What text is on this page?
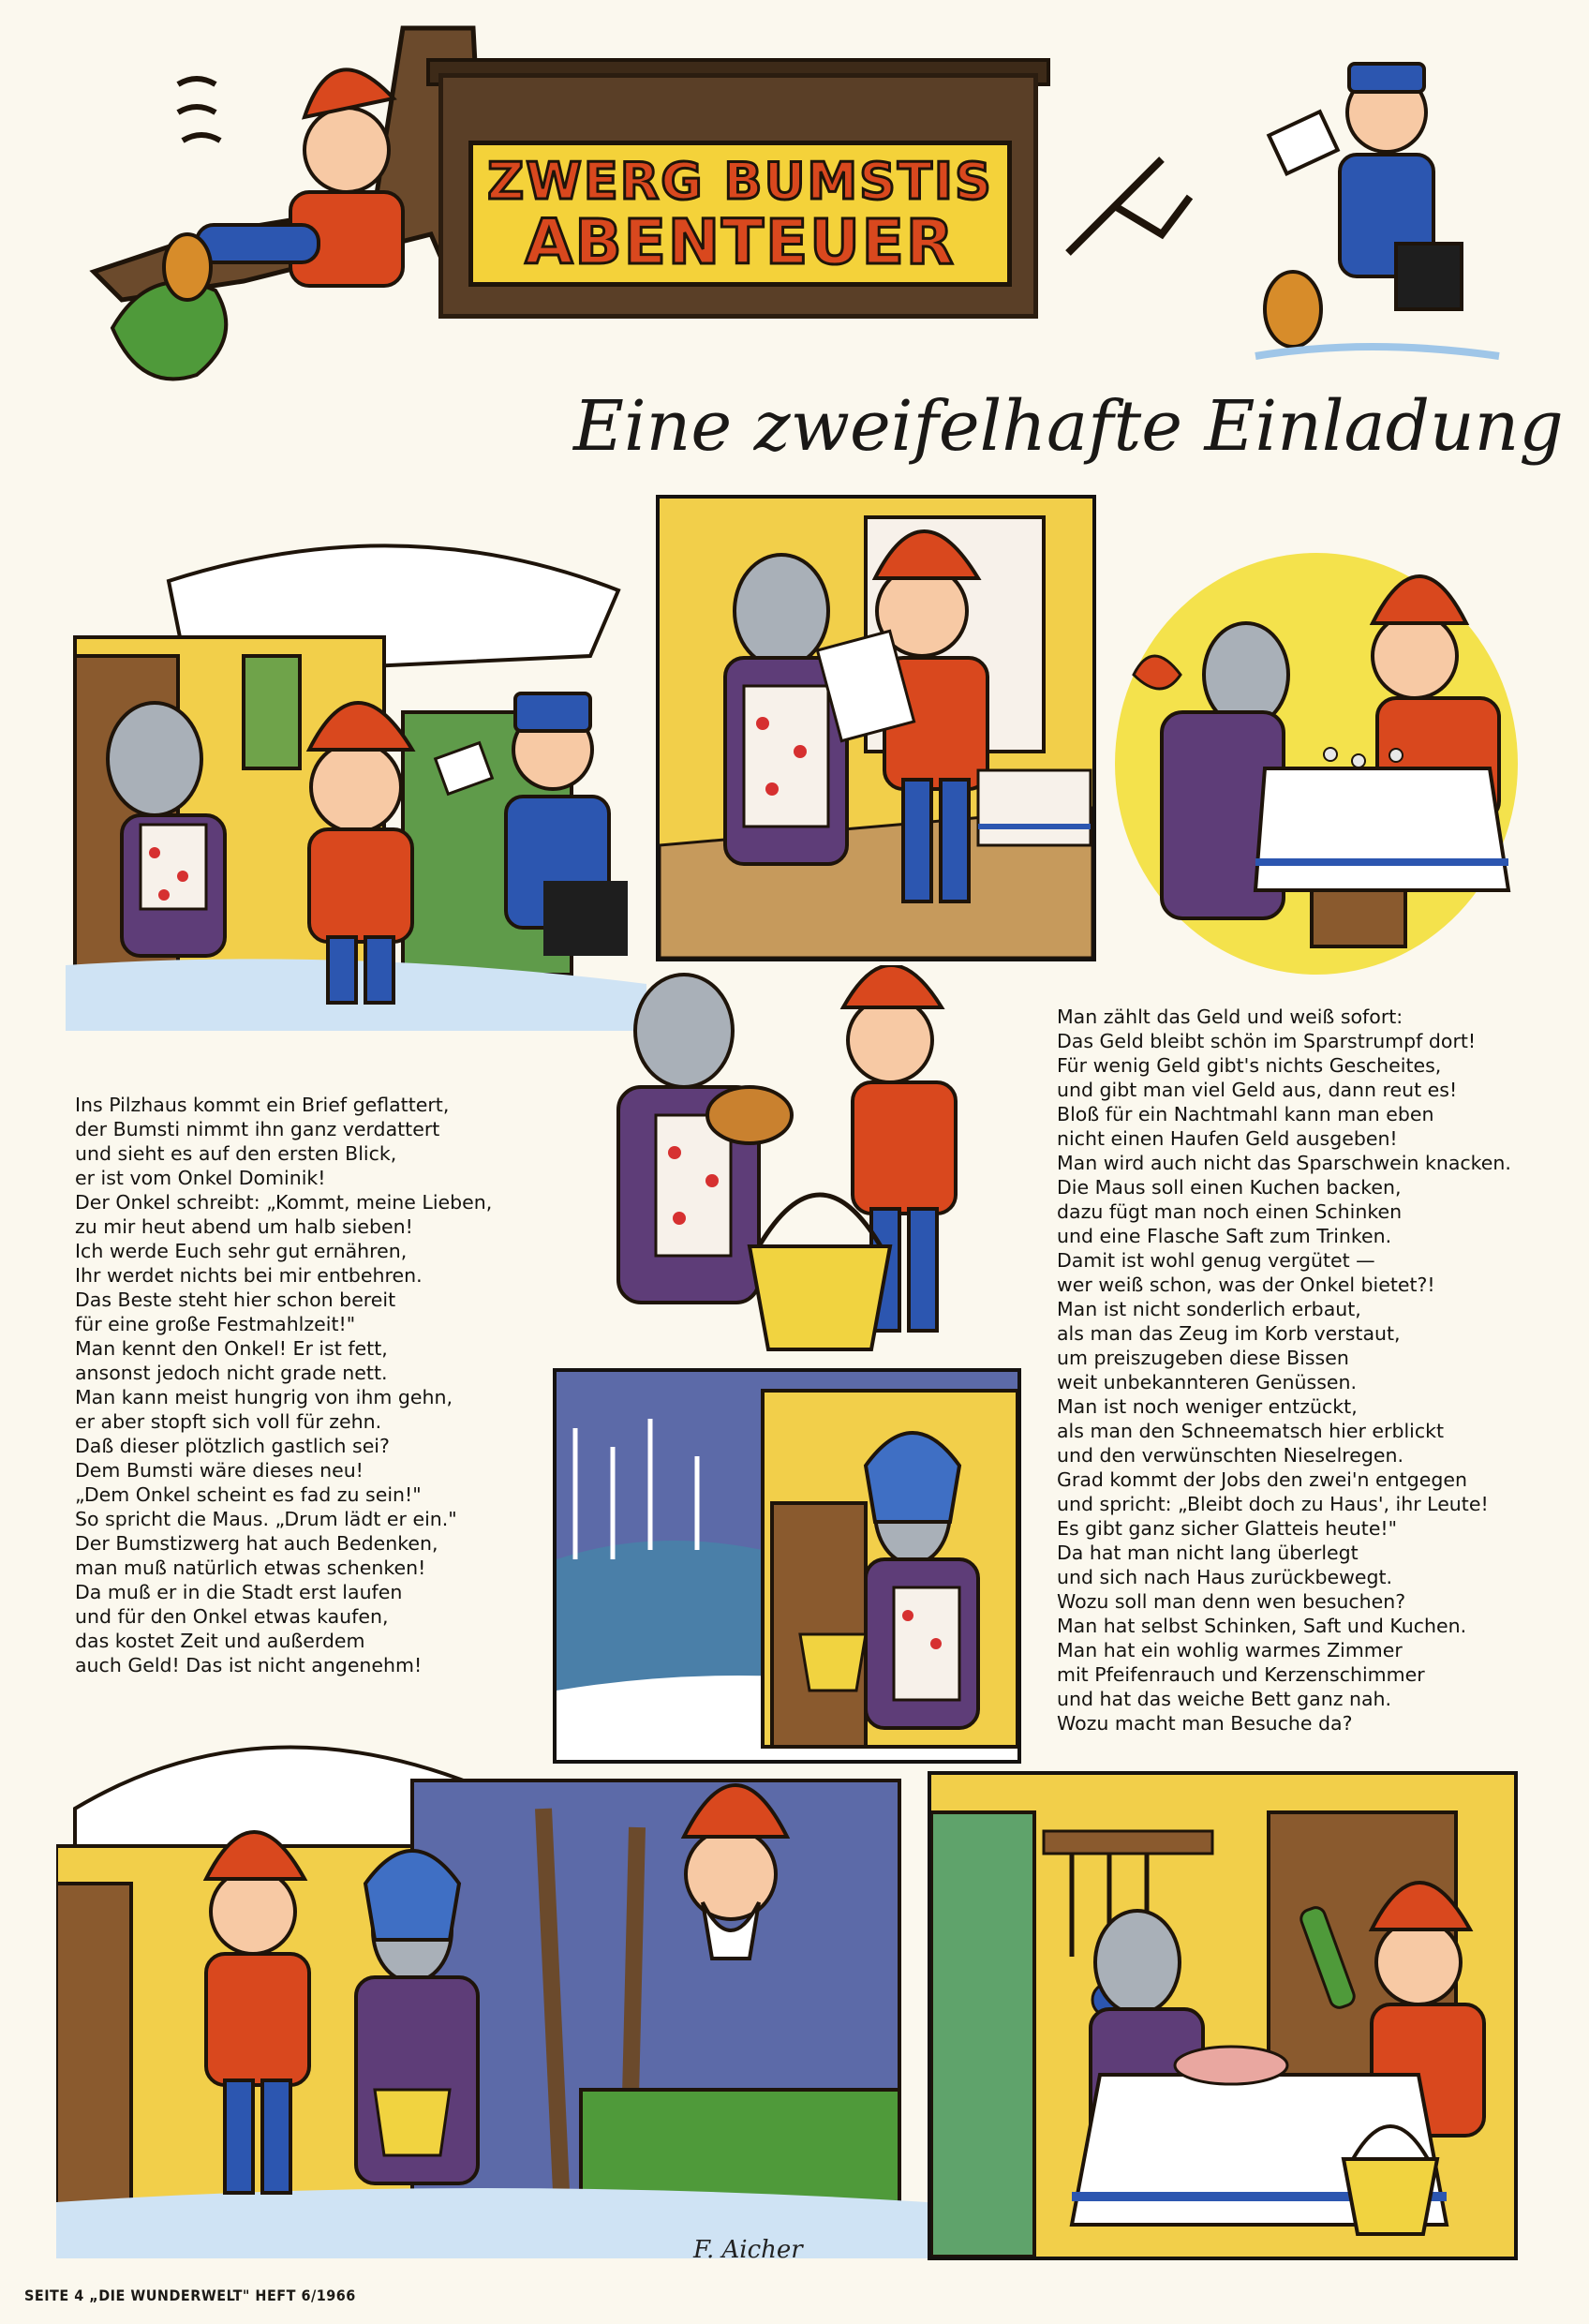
ZWERG BUMSTIS
ABENTEUER
Eine zweifelhafte Einladung
Ins Pilzhaus kommt ein Brief geflattert,
der Bumsti nimmt ihn ganz verdattert
und sieht es auf den ersten Blick,
er ist vom Onkel Dominik!
Der Onkel schreibt: „Kommt, meine Lieben,
zu mir heut abend um halb sieben!
Ich werde Euch sehr gut ernähren,
Ihr werdet nichts bei mir entbehren.
Das Beste steht hier schon bereit
für eine große Festmahlzeit!"
Man kennt den Onkel! Er ist fett,
ansonst jedoch nicht grade nett.
Man kann meist hungrig von ihm gehn,
er aber stopft sich voll für zehn.
Daß dieser plötzlich gastlich sei?
Dem Bumsti wäre dieses neu!
„Dem Onkel scheint es fad zu sein!"
So spricht die Maus. „Drum lädt er ein."
Der Bumstizwerg hat auch Bedenken,
man muß natürlich etwas schenken!
Da muß er in die Stadt erst laufen
und für den Onkel etwas kaufen,
das kostet Zeit und außerdem
auch Geld! Das ist nicht angenehm!
Man zählt das Geld und weiß sofort:
Das Geld bleibt schön im Sparstrumpf dort!
Für wenig Geld gibt's nichts Gescheites,
und gibt man viel Geld aus, dann reut es!
Bloß für ein Nachtmahl kann man eben
nicht einen Haufen Geld ausgeben!
Man wird auch nicht das Sparschwein knacken.
Die Maus soll einen Kuchen backen,
dazu fügt man noch einen Schinken
und eine Flasche Saft zum Trinken.
Damit ist wohl genug vergütet —
wer weiß schon, was der Onkel bietet?!
Man ist nicht sonderlich erbaut,
als man das Zeug im Korb verstaut,
um preiszugeben diese Bissen
weit unbekannteren Genüssen.
Man ist noch weniger entzückt,
als man den Schneematsch hier erblickt
und den verwünschten Nieselregen.
Grad kommt der Jobs den zwei'n entgegen
und spricht: „Bleibt doch zu Haus', ihr Leute!
Es gibt ganz sicher Glatteis heute!"
Da hat man nicht lang überlegt
und sich nach Haus zurückbewegt.
Wozu soll man denn wen besuchen?
Man hat selbst Schinken, Saft und Kuchen.
Man hat ein wohlig warmes Zimmer
mit Pfeifenrauch und Kerzenschimmer
und hat das weiche Bett ganz nah.
Wozu macht man Besuche da?
F. Aicher
SEITE 4 „DIE WUNDERWELT" HEFT 6/1966
